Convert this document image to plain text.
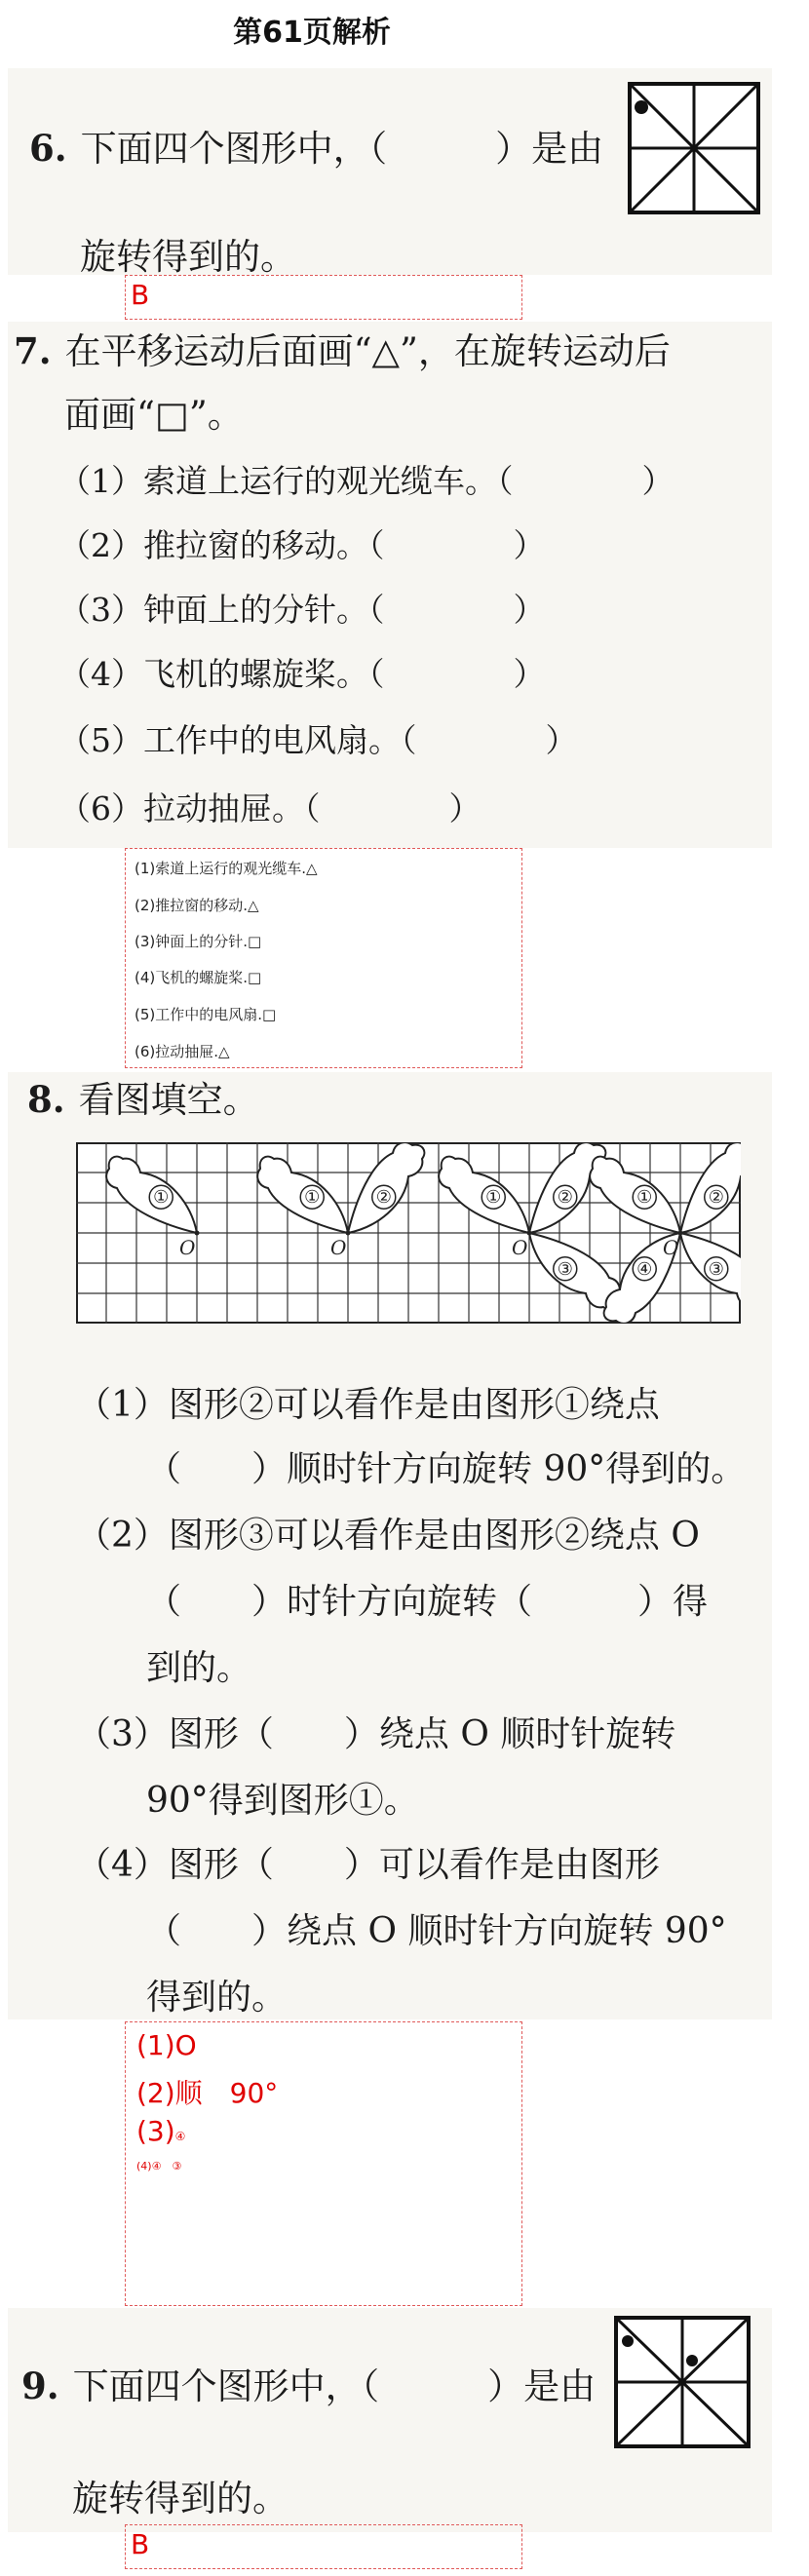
第61页解析
6. 下面四个图形中，（　　　）是由
旋转得到的。
B
7. 在平移运动后面画“△”，在旋转运动后
面画“□”。
（1）索道上运行的观光缆车。（　　　　）
（2）推拉窗的移动。（　　　　）
（3）钟面上的分针。（　　　　）
（4）飞机的螺旋桨。（　　　　）
（5）工作中的电风扇。（　　　　）
（6）拉动抽屉。（　　　　）
(1)索道上运行的观光缆车.△
(2)推拉窗的移动.△
(3)钟面上的分针.□
(4)飞机的螺旋桨.□
(5)工作中的电风扇.□
(6)拉动抽屉.△
8. 看图填空。
①
O
①	②
O
①	②
③
O
①	②
③
④
O
（1）图形②可以看作是由图形①绕点
（　　）顺时针方向旋转 90°得到的。
（2）图形③可以看作是由图形②绕点 O
（　　）时针方向旋转（　　　）得
到的。
（3）图形（　　）绕点 O 顺时针旋转
90°得到图形①。
（4）图形（　　）可以看作是由图形
（　　）绕点 O 顺时针方向旋转 90°
得到的。
(1)O
(2)顺　90°
(3)④
(4)④　③
9. 下面四个图形中，（　　　）是由
旋转得到的。
B
